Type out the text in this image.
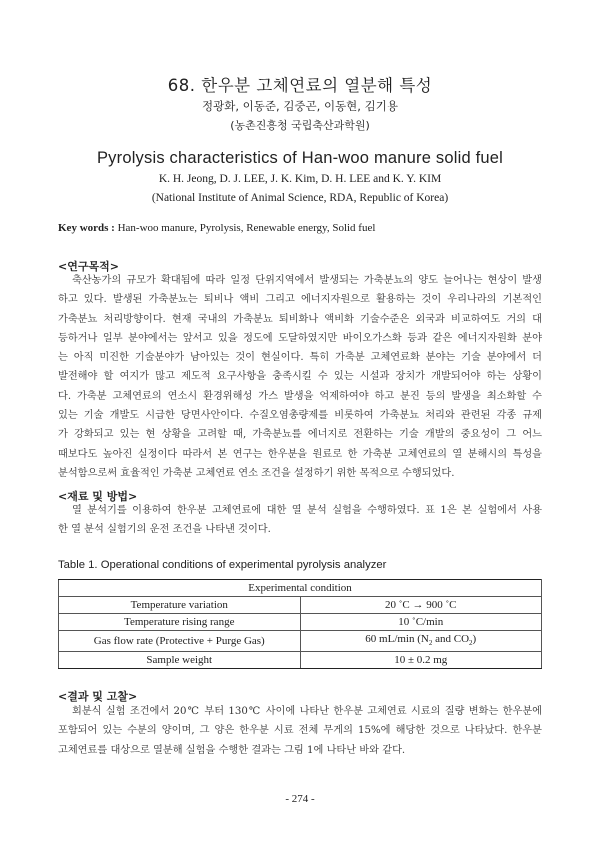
68. 한우분 고체연료의 열분해 특성
정광화, 이동준, 김중곤, 이동현, 김기용
(농촌진흥청 국립축산과학원)
Pyrolysis characteristics of Han-woo manure solid fuel
K. H. Jeong, D. J. LEE, J. K. Kim, D. H. LEE and K. Y. KIM
(National Institute of Animal Science, RDA, Republic of Korea)
Key words : Han-woo manure, Pyrolysis, Renewable energy, Solid fuel
<연구목적>
축산농가의 규모가 확대됨에 따라 일정 단위지역에서 발생되는 가축분뇨의 양도 늘어나는 현상이 발생
하고 있다. 발생된 가축분뇨는 퇴비나 액비 그리고 에너지자원으로 활용하는 것이 우리나라의 기본적인
가축분뇨 처리방향이다. 현재 국내의 가축분뇨 퇴비화나 액비화 기술수준은 외국과 비교하여도 거의 대
등하거나 일부 분야에서는 앞서고 있을 정도에 도달하였지만 바이오가스화 등과 같은 에너지자원화 분야
는 아직 미진한 기술분야가 남아있는 것이 현실이다. 특히 가축분 고체연료화 분야는 기술 분야에서 더
발전해야 할 여지가 많고 제도적 요구사항을 충족시킬 수 있는 시설과 장치가 개발되어야 하는 상황이
다. 가축분 고체연료의 연소시 환경위해성 가스 발생을 억제하여야 하고 분진 등의 발생을 최소화할 수
있는 기술 개발도 시급한 당면사안이다. 수질오염총량제를 비롯하여 가축분뇨 처리와 관련된 각종 규제
가 강화되고 있는 현 상황을 고려할 때, 가축분뇨를 에너지로 전환하는 기술 개발의 중요성이 그 어느
때보다도 높아진 실정이다 따라서 본 연구는 한우분을 원료로 한 가축분 고체연료의 열 분해시의 특성을
분석함으로써 효율적인 가축분 고체연료 연소 조건을 설정하기 위한 목적으로 수행되었다.
<재료 및 방법>
열 분석기를 이용하여 한우분 고체연료에 대한 열 분석 실험을 수행하였다. 표 1은 본 실험에서 사용
한 열 분석 실험기의 운전 조건을 나타낸 것이다.
Table 1. Operational conditions of experimental pyrolysis analyzer
Experimental condition	
Temperature variation	20 ˚C → 900 ˚C
Temperature rising range	10 ˚C/min
Gas flow rate (Protective + Purge Gas)	60 mL/min ($N_2$ and $CO_2$)
Sample weight	10 ± 0.2 mg
<결과 및 고찰>
회분식 실험 조건에서 20℃ 부터 130℃ 사이에 나타난 한우분 고체연료 시료의 질량 변화는 한우분에
포함되어 있는 수분의 양이며, 그 양은 한우분 시료 전체 무게의 15%에 해당한 것으로 나타났다. 한우분
고체연료를 대상으로 열분해 실험을 수행한 결과는 그림 1에 나타난 바와 같다.
- 274 -
